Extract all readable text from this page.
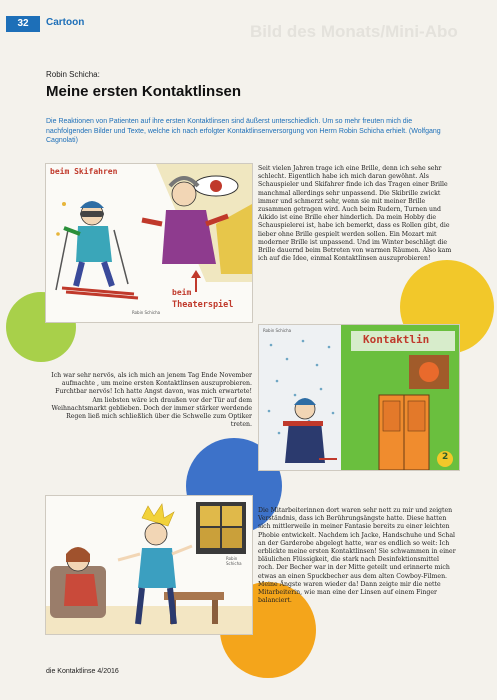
32	Cartoon	Bild des Monats/Mini-Abo
Robin Schicha:
Meine ersten Kontaktlinsen
Die Reaktionen von Patienten auf ihre ersten Kontaktlinsen sind äußerst unterschiedlich. Um so mehr freuten mich die nachfolgenden Bilder und Texte, welche ich nach erfolgter Kontaktlinsenversorgung von Herrn Robin Schicha erhielt. (Wolfgang Cagnolati)
beim Skifahren
beim
Theaterspiel
Robin Schicha

Seit vielen Jahren trage ich eine Brille, denn ich sehe sehr schlecht. Eigentlich habe ich mich daran gewöhnt. Als Schauspieler und Skifahrer finde ich das Tragen einer Brille manchmal allerdings sehr unpassend. Die Skibrille zwickt immer und schmerzt sehr, wenn sie mit meiner Brille zusammen getragen wird. Auch beim Rudern, Turnen und Aikido ist eine Brille eher hinderlich. Da mein Hobby die Schauspielerei ist, habe ich bemerkt, dass es Rollen gibt, die lieber ohne Brille gespielt werden sollen. Ein Mozart mit moderner Brille ist unpassend. Und im Winter beschlägt die Brille dauernd beim Betreten von warmen Räumen. Also kam ich auf die Idee, einmal Kontaktlinsen auszuprobieren!

Ich war sehr nervös, als ich mich an jenem Tag Ende November aufmachte , um meine ersten Kontaktlinsen auszuprobieren. Furchtbar nervös! Ich hatte Angst davon, was mich erwartete! Am liebsten wäre ich draußen vor der Tür auf dem Weihnachtsmarkt geblieben. Doch der immer stärker werdende Regen ließ mich schließlich über die Schwelle zum Optiker treten.

Kontaktlin
2
Robin Schicha
Robin Schicha

Die Mitarbeiterinnen dort waren sehr nett zu mir und zeigten Verständnis, dass ich Berührungsängste hatte. Diese hatten sich mittlerweile in meiner Fantasie bereits zu einer leichten Phobie entwickelt. Nachdem ich Jacke, Handschuhe und Schal an der Garderobe abgelegt hatte, war es endlich so weit: Ich erblickte meine ersten Kontaktlinsen! Sie schwammen in einer bläulichen Flüssigkeit, die stark nach Desinfektionsmittel roch. Der Becher war in der Mitte geteilt und erinnerte mich etwas an einen Spuckbecher aus dem alten Cowboy-Filmen. Meine Ängste waren wieder da! Dann zeigte mir die nette Mitarbeiterin, wie man eine der Linsen auf einem Finger balanciert.

die Kontaktlinse 4/2016
